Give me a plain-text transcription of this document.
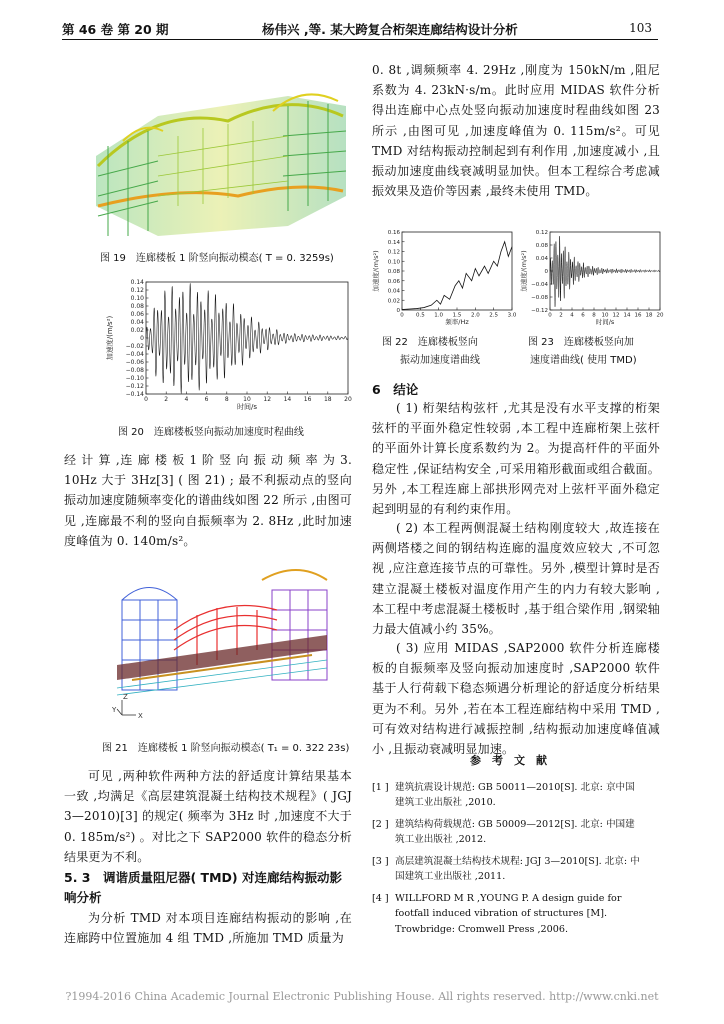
第 46 卷 第 20 期	杨伟兴 ,等. 某大跨复合桁架连廊结构设计分析	103
图 19　连廊楼板 1 阶竖向振动模态( T = 0. 3259s)
0.14
0.12
0.10
0.08
0.06
0.04
0.02
0
−0.02
−0.04
−0.06
−0.08
−0.10
−0.12
−0.14
0	2	4	6	8 10 12 14 16 18 20
时间/s
加速度/(m/s²)
图 20　连廊楼板竖向振动加速度时程曲线
经 计 算 ,连 廊 楼 板 1 阶 竖 向 振 动 频 率 为 3. 10Hz 大于 3Hz[3] ( 图 21) ; 最不利振动点的竖向振动加速度随频率变化的谱曲线如图 22 所示 ,由图可见 ,连廊最不利的竖向自振频率为 2. 8Hz ,此时加速度峰值为 0. 140m/s²。
Z
X
Y
图 21　连廊楼板 1 阶竖向振动模态( T₁ = 0. 322 23s)
可见 ,两种软件两种方法的舒适度计算结果基本一致 ,均满足《高层建筑混凝土结构技术规程》( JGJ 3—2010)[3] 的规定( 频率为 3Hz 时 ,加速度不大于 0. 185m/s²) 。对比之下 SAP2000 软件的稳态分析结果更为不利。
5. 3　调谐质量阻尼器( TMD) 对连廊结构振动影响分析
为分析 TMD 对本项目连廊结构振动的影响 ,在连廊跨中位置施加 4 组 TMD ,所施加 TMD 质量为
0. 8t ,调频频率 4. 29Hz ,刚度为 150kN/m ,阻尼系数为 4. 23kN·s/m。此时应用 MIDAS 软件分析得出连廊中心点处竖向振动加速度时程曲线如图 23 所示 ,由图可见 ,加速度峰值为 0. 115m/s²。可见 TMD 对结构振动控制起到有利作用 ,加速度减小 ,且振动加速度曲线衰减明显加快。但本工程综合考虑减振效果及造价等因素 ,最终未使用 TMD。
0.16
0.14
0.12
0.10
0.08
0.06
0.04
0.02
0
0 0.5 1.0 1.5 2.0 2.5 3.0
频率/Hz
加速度/(m/s²)
0.12
0.08
0.04
0
−0.04
−0.08
−0.12
0 2 4 6 8 10 12 14 16 18 20
时间/s
加速度/(m/s²)
图 22　连廊楼板竖向
振动加速度谱曲线
图 23　连廊楼板竖向加
速度谱曲线( 使用 TMD)
6　结论
( 1) 桁架结构弦杆 ,尤其是没有水平支撑的桁架弦杆的平面外稳定性较弱 ,本工程中连廊桁架上弦杆的平面外计算长度系数约为 2。为提高杆件的平面外稳定性 ,保证结构安全 ,可采用箱形截面或组合截面。另外 ,本工程连廊上部拱形网壳对上弦杆平面外稳定起到明显的有利约束作用。
( 2) 本工程两侧混凝土结构刚度较大 ,故连接在两侧塔楼之间的钢结构连廊的温度效应较大 ,不可忽视 ,应注意连接节点的可靠性。另外 ,模型计算时是否建立混凝土楼板对温度作用产生的内力有较大影响 ,本工程中考虑混凝土楼板时 ,基于组合梁作用 ,钢梁轴力最大值减小约 35%。
( 3) 应用 MIDAS ,SAP2000 软件分析连廊楼板的自振频率及竖向振动加速度时 ,SAP2000 软件基于人行荷载下稳态频遇分析理论的舒适度分析结果更为不利。另外 ,若在本工程连廊结构中采用 TMD ,可有效对结构进行减振控制 ,结构振动加速度峰值减小 ,且振动衰减明显加速。
参　考　文　献
[1 ] 建筑抗震设计规范: GB 50011—2010[S]. 北京: 京中国建筑工业出版社 ,2010.
[2 ] 建筑结构荷载规范: GB 50009—2012[S]. 北京: 中国建筑工业出版社 ,2012.
[3 ] 高层建筑混凝土结构技术规程: JGJ 3—2010[S]. 北京: 中国建筑工业出版社 ,2011.
[4 ] WILLFORD M R ,YOUNG P. A design guide for footfall induced vibration of structures [M]. Trowbridge: Cromwell Press ,2006.
?1994-2016 China Academic Journal Electronic Publishing House. All rights reserved. http://www.cnki.net
